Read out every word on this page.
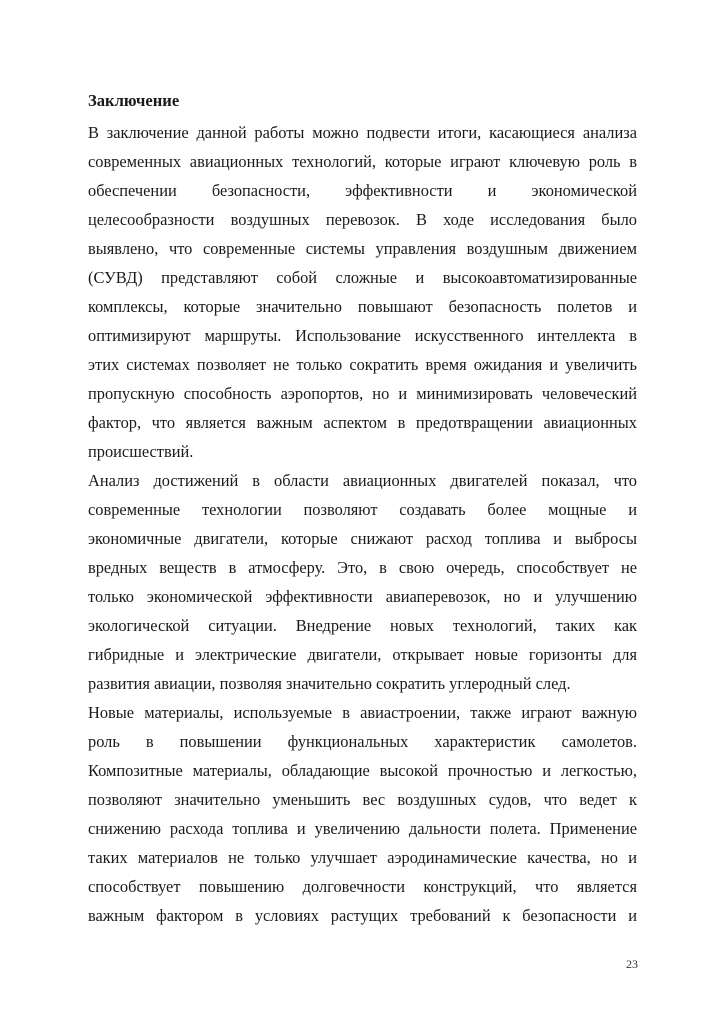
Заключение
В заключение данной работы можно подвести итоги, касающиеся анализа
современных авиационных технологий, которые играют ключевую роль в
обеспечении безопасности, эффективности и экономической
целесообразности воздушных перевозок. В ходе исследования было
выявлено, что современные системы управления воздушным движением
(СУВД) представляют собой сложные и высокоавтоматизированные
комплексы, которые значительно повышают безопасность полетов и
оптимизируют маршруты. Использование искусственного интеллекта в
этих системах позволяет не только сократить время ожидания и увеличить
пропускную способность аэропортов, но и минимизировать человеческий
фактор, что является важным аспектом в предотвращении авиационных
происшествий.
Анализ достижений в области авиационных двигателей показал, что
современные технологии позволяют создавать более мощные и
экономичные двигатели, которые снижают расход топлива и выбросы
вредных веществ в атмосферу. Это, в свою очередь, способствует не
только экономической эффективности авиаперевозок, но и улучшению
экологической ситуации. Внедрение новых технологий, таких как
гибридные и электрические двигатели, открывает новые горизонты для
развития авиации, позволяя значительно сократить углеродный след.
Новые материалы, используемые в авиастроении, также играют важную
роль в повышении функциональных характеристик самолетов.
Композитные материалы, обладающие высокой прочностью и легкостью,
позволяют значительно уменьшить вес воздушных судов, что ведет к
снижению расхода топлива и увеличению дальности полета. Применение
таких материалов не только улучшает аэродинамические качества, но и
способствует повышению долговечности конструкций, что является
важным фактором в условиях растущих требований к безопасности и
23
